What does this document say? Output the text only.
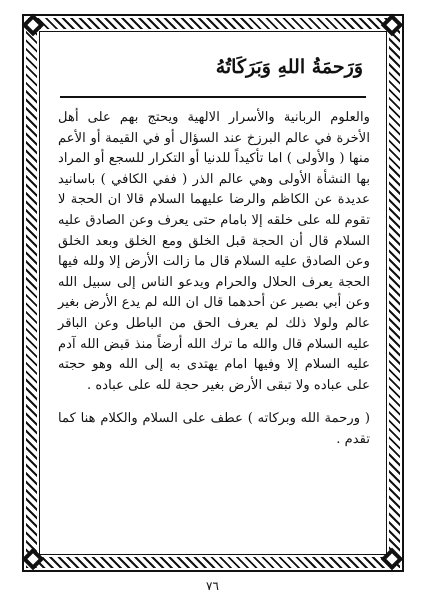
وَرَحمَةُ اللهِ وَبَرَكَاتُهُ

والعلوم الربانية والأسرار الالهية ويحتج بهم على أهل الأخرة في عالم البرزخ عند السؤال أو في القيمة أو الأعم منها ( والأولى ) اما تأكيداً للدنيا أو التكرار للسجع أو المراد بها النشأة الأولى وهي عالم الذر ( ففي الكافي ) باسانيد عديدة عن الكاظم والرضا عليهما السلام قالا ان الحجة لا تقوم لله على خلقه إلا بامام حتى يعرف وعن الصادق عليه السلام قال أن الحجة قبل الخلق ومع الخلق وبعد الخلق وعن الصادق عليه السلام قال ما زالت الأرض إلا ولله فيها الحجة يعرف الحلال والحرام ويدعو الناس إلى سبيل الله وعن أبي بصير عن أحدهما قال ان الله لم يدع الأرض بغير عالم ولولا ذلك لم يعرف الحق من الباطل وعن الباقر عليه السلام قال والله ما ترك الله أرضاً منذ قبض الله آدم عليه السلام إلا وفيها امام يهتدى به إلى الله وهو حجته على عباده ولا تبقى الأرض بغير حجة لله على عباده .

( ورحمة الله وبركاته ) عطف على السلام والكلام هنا كما تقدم .

٧٦
